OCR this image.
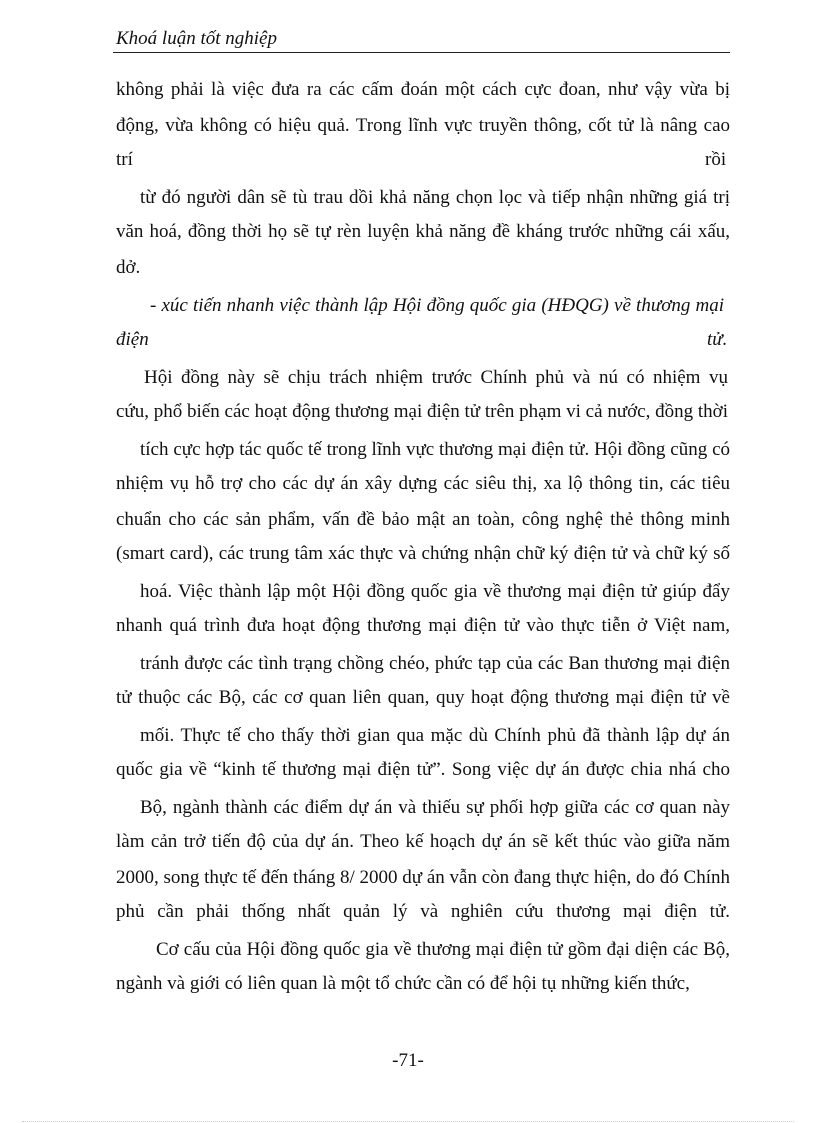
Khoá luận tốt nghiệp
không phải là việc đưa ra các cấm đoán một cách cực đoan, như vậy vừa bị
động, vừa không có hiệu quả. Trong lĩnh vực truyền thông, cốt tử là nâng cao
trí	rồi
từ đó người dân sẽ tù trau dồi khả năng chọn lọc và tiếp nhận những giá trị
văn hoá, đồng thời họ sẽ tự rèn luyện khả năng đề kháng trước những cái xấu,
dở.
- xúc tiến nhanh việc thành lập Hội đồng quốc gia (HĐQG) về thương mại
điện	tử.
Hội đồng này sẽ chịu trách nhiệm trước Chính phủ và nú có nhiệm vụ
cứu, phổ biến các hoạt động thương mại điện tử trên phạm vi cả nước, đồng thời
tích cực hợp tác quốc tế trong lĩnh vực thương mại điện tử. Hội đồng cũng có
nhiệm vụ hỗ trợ cho các dự án xây dựng các siêu thị, xa lộ thông tin, các tiêu
chuẩn cho các sản phẩm, vấn đề bảo mật an toàn, công nghệ thẻ thông minh
(smart card), các trung tâm xác thực và chứng nhận chữ ký điện tử và chữ ký số
hoá. Việc thành lập một Hội đồng quốc gia về thương mại điện tử giúp đẩy
nhanh quá trình đưa hoạt động thương mại điện tử vào thực tiễn ở Việt nam,
tránh được các tình trạng chồng chéo, phức tạp của các Ban thương mại điện
tử thuộc các Bộ, các cơ quan liên quan, quy hoạt động thương mại điện tử về
mối. Thực tế cho thấy thời gian qua mặc dù Chính phủ đã thành lập dự án
quốc gia về “kinh tế thương mại điện tử”. Song việc dự án được chia nhá cho
Bộ, ngành thành các điểm dự án và thiếu sự phối hợp giữa các cơ quan này
làm cản trở tiến độ của dự án. Theo kế hoạch dự án sẽ kết thúc vào giữa năm
2000, song thực tế đến tháng 8/ 2000 dự án vẫn còn đang thực hiện, do đó Chính
phủ cần phải thống nhất quản lý và nghiên cứu thương mại điện tử.
Cơ cấu của Hội đồng quốc gia về thương mại điện tử gồm đại diện các Bộ,
ngành và giới có liên quan là một tổ chức cần có để hội tụ những kiến thức,
-71-
